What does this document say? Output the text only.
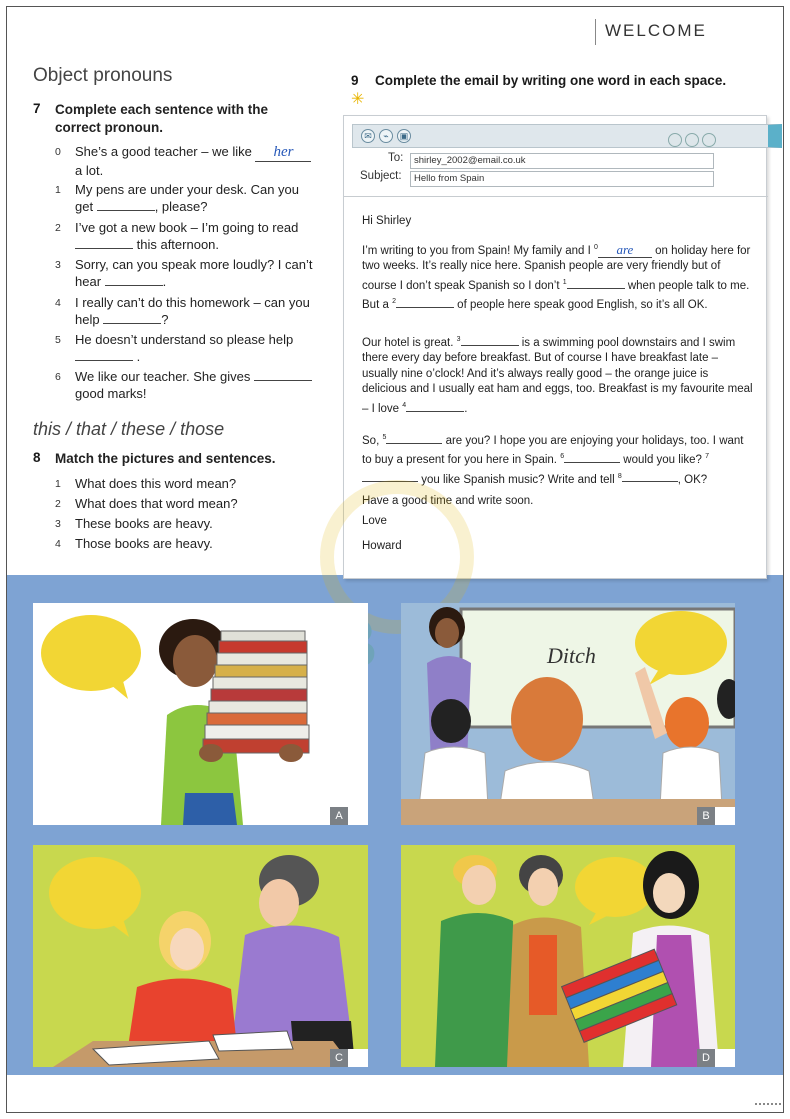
WELCOME
Object pronouns
7 Complete each sentence with the
correct pronoun.
0	She’s a good teacher – we like her
a lot.
1	My pens are under your desk. Can you
get	, please?
2	I’ve got a new book – I’m going to read
this afternoon.
3	Sorry, can you speak more loudly? I can’t
hear	.
4	I really can’t do this homework – can you
help	?
5	He doesn’t understand so please help
.
6	We like our teacher. She gives
good marks!
this / that / these / those
8 Match the pictures and sentences.
1	What does this word mean?
2	What does that word mean?
3	These books are heavy.
4	Those books are heavy.
9 Complete the email by writing one word in each space.
✳
✉	⌁	▣
To:	shirley_2002@email.co.uk
Subject:	Hello from Spain
Hi Shirley
I’m writing to you from Spain! My family and I $^0$ are on holiday here for two weeks. It’s really nice here. Spanish people are very friendly but of course I don’t speak Spanish so I don’t $^1$	when people talk to me. But a $^2$	of people here speak good English, so it’s all OK.
Our hotel is great. $^3$	is a swimming pool downstairs and I swim there every day before breakfast. But of course I have breakfast late – usually nine o’clock! And it’s always really good – the orange juice is delicious and I usually eat ham and eggs, too. Breakfast is my favourite meal – I love $^4$	.
So, $^5$	are you? I hope you are enjoying your holidays, too. I want to buy a present for you here in Spain. $^6$	would you like? $^7$ you like Spanish music? Write and tell $^8$	, OK?
Have a good time and write soon.
Love
Howard
A
Ditch
B
C	D
